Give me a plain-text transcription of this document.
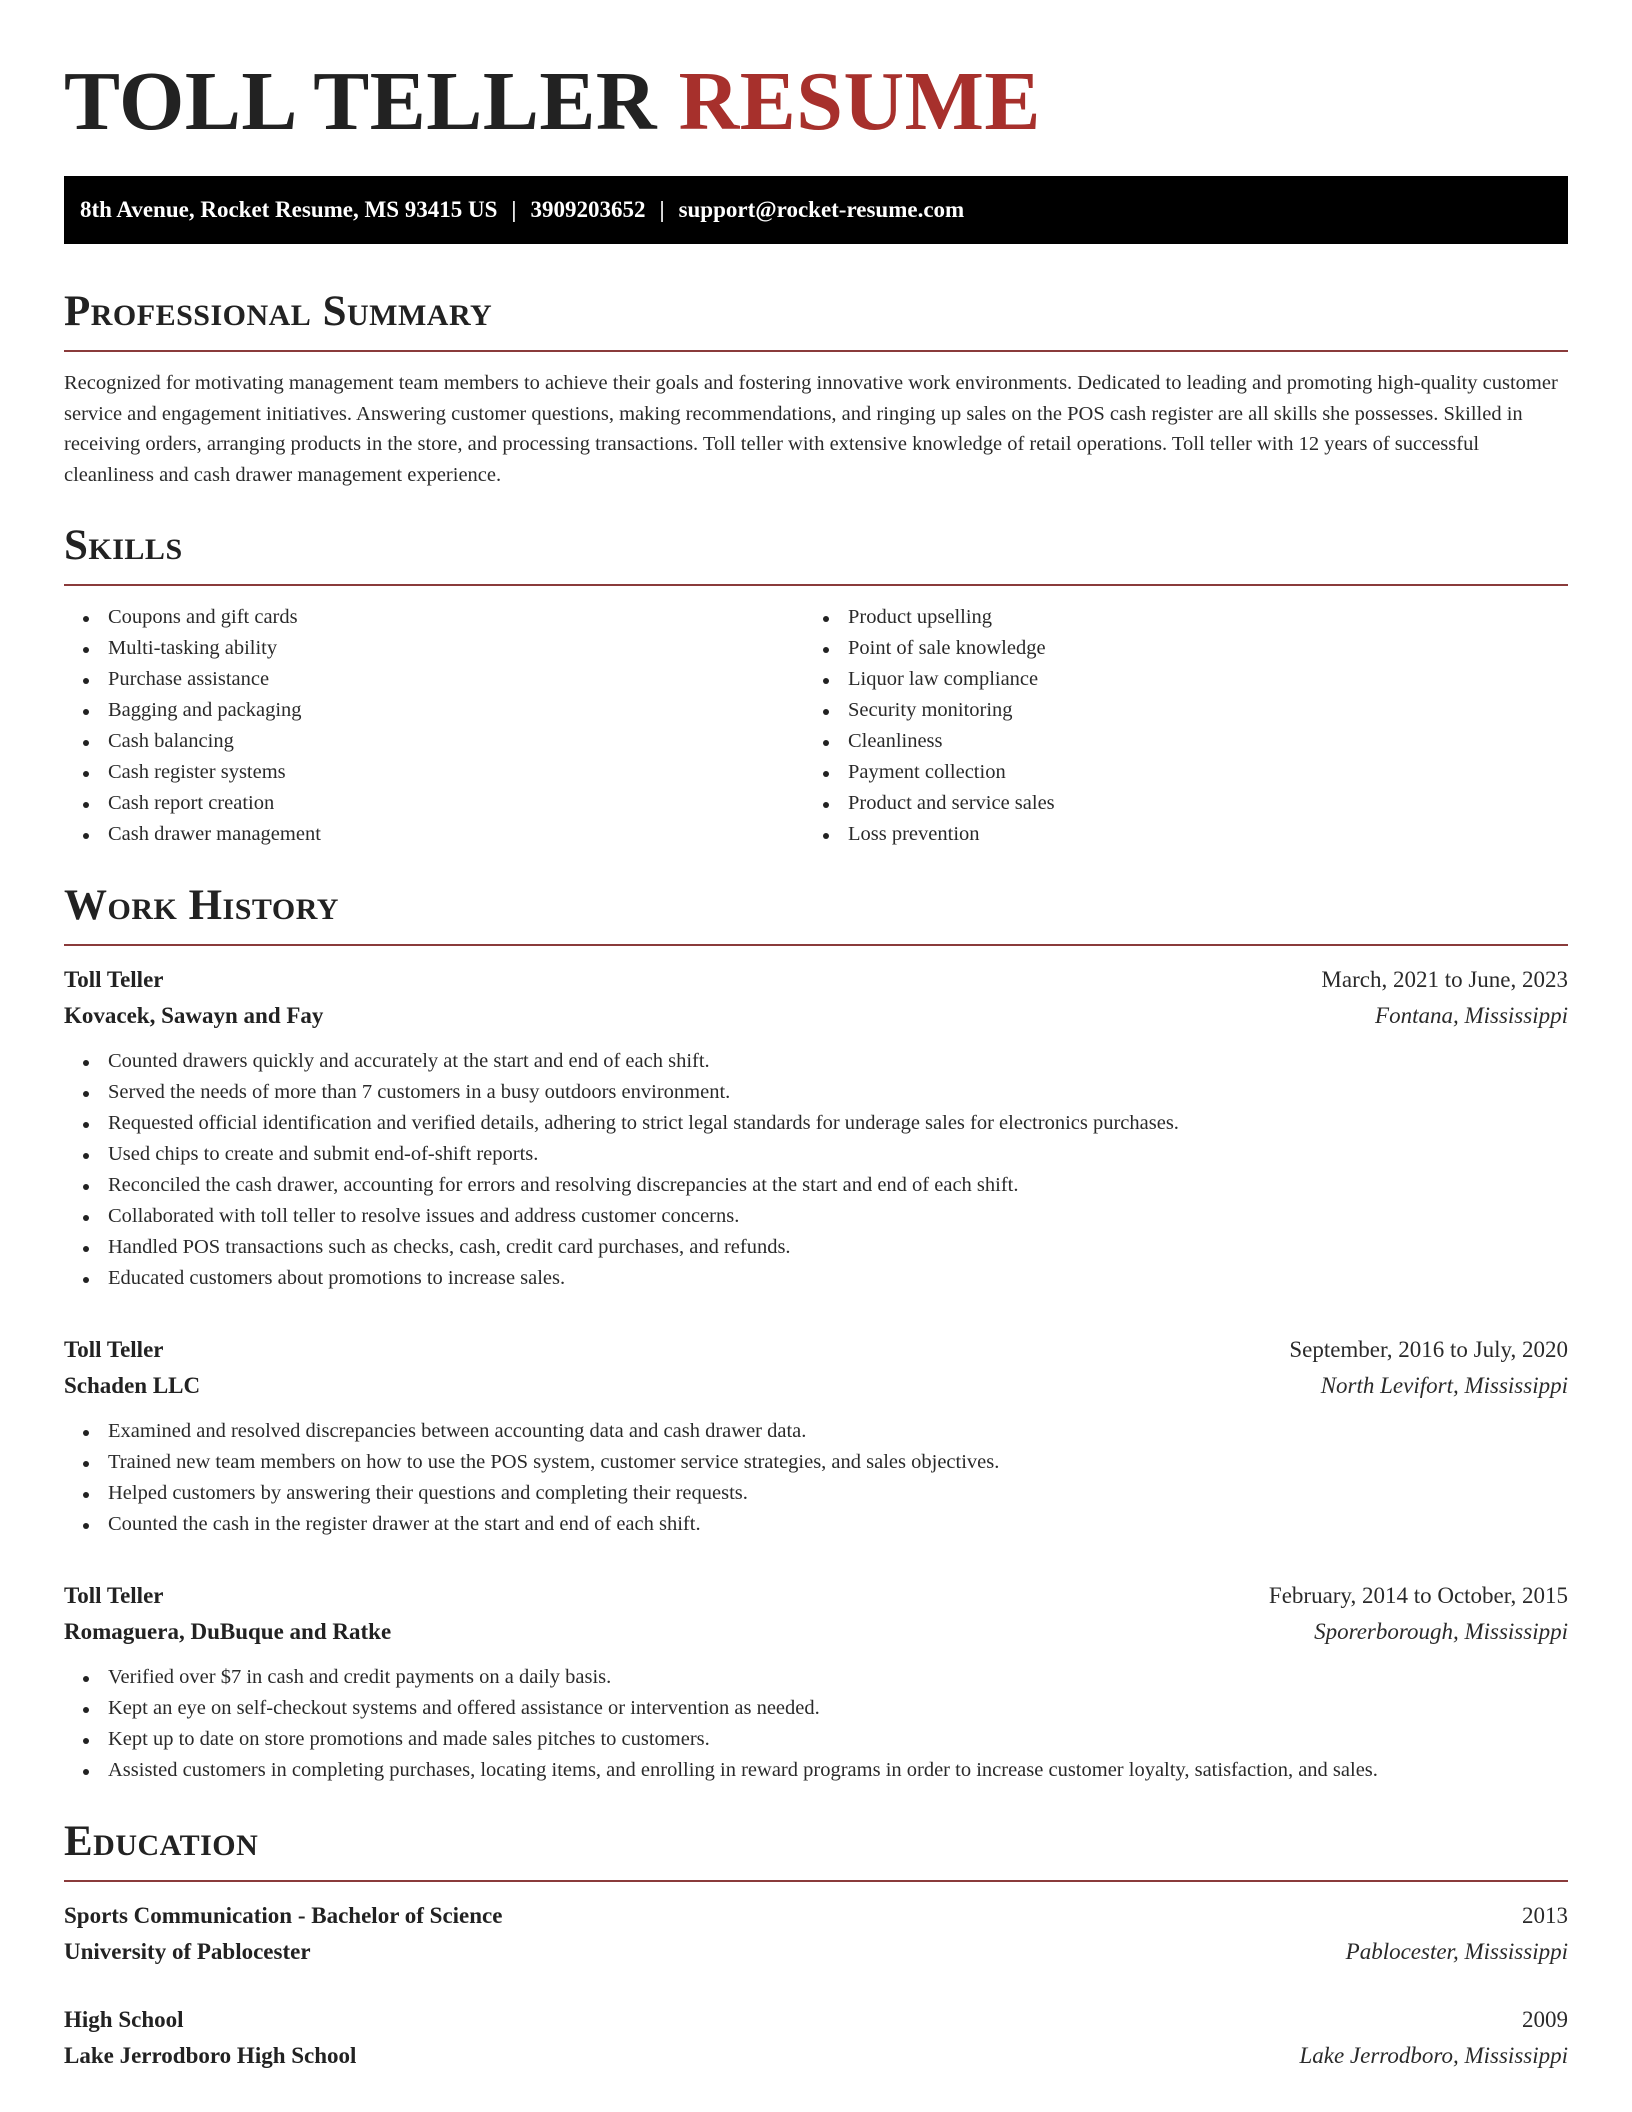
TOLL TELLER RESUME
8th Avenue, Rocket Resume, MS 93415 US | 3909203652 | support@rocket-resume.com
Professional Summary

Recognized for motivating management team members to achieve their goals and fostering innovative work environments. Dedicated to leading and promoting high-quality customer service and engagement initiatives. Answering customer questions, making recommendations, and ringing up sales on the POS cash register are all skills she possesses. Skilled in receiving orders, arranging products in the store, and processing transactions. Toll teller with extensive knowledge of retail operations. Toll teller with 12 years of successful cleanliness and cash drawer management experience.

Skills
Coupons and gift cards
Multi-tasking ability
Purchase assistance
Bagging and packaging
Cash balancing
Cash register systems
Cash report creation
Cash drawer management
Product upselling
Point of sale knowledge
Liquor law compliance
Security monitoring
Cleanliness
Payment collection
Product and service sales
Loss prevention
Work History
Toll Teller	March, 2021 to June, 2023
Kovacek, Sawayn and Fay	Fontana, Mississippi
Counted drawers quickly and accurately at the start and end of each shift.
Served the needs of more than 7 customers in a busy outdoors environment.
Requested official identification and verified details, adhering to strict legal standards for underage sales for electronics purchases.
Used chips to create and submit end-of-shift reports.
Reconciled the cash drawer, accounting for errors and resolving discrepancies at the start and end of each shift.
Collaborated with toll teller to resolve issues and address customer concerns.
Handled POS transactions such as checks, cash, credit card purchases, and refunds.
Educated customers about promotions to increase sales.
Toll Teller	September, 2016 to July, 2020
Schaden LLC	North Levifort, Mississippi
Examined and resolved discrepancies between accounting data and cash drawer data.
Trained new team members on how to use the POS system, customer service strategies, and sales objectives.
Helped customers by answering their questions and completing their requests.
Counted the cash in the register drawer at the start and end of each shift.
Toll Teller	February, 2014 to October, 2015
Romaguera, DuBuque and Ratke	Sporerborough, Mississippi
Verified over $7 in cash and credit payments on a daily basis.
Kept an eye on self-checkout systems and offered assistance or intervention as needed.
Kept up to date on store promotions and made sales pitches to customers.
Assisted customers in completing purchases, locating items, and enrolling in reward programs in order to increase customer loyalty, satisfaction, and sales.
Education
Sports Communication - Bachelor of Science	2013
University of Pablocester	Pablocester, Mississippi
High School	2009
Lake Jerrodboro High School	Lake Jerrodboro, Mississippi
